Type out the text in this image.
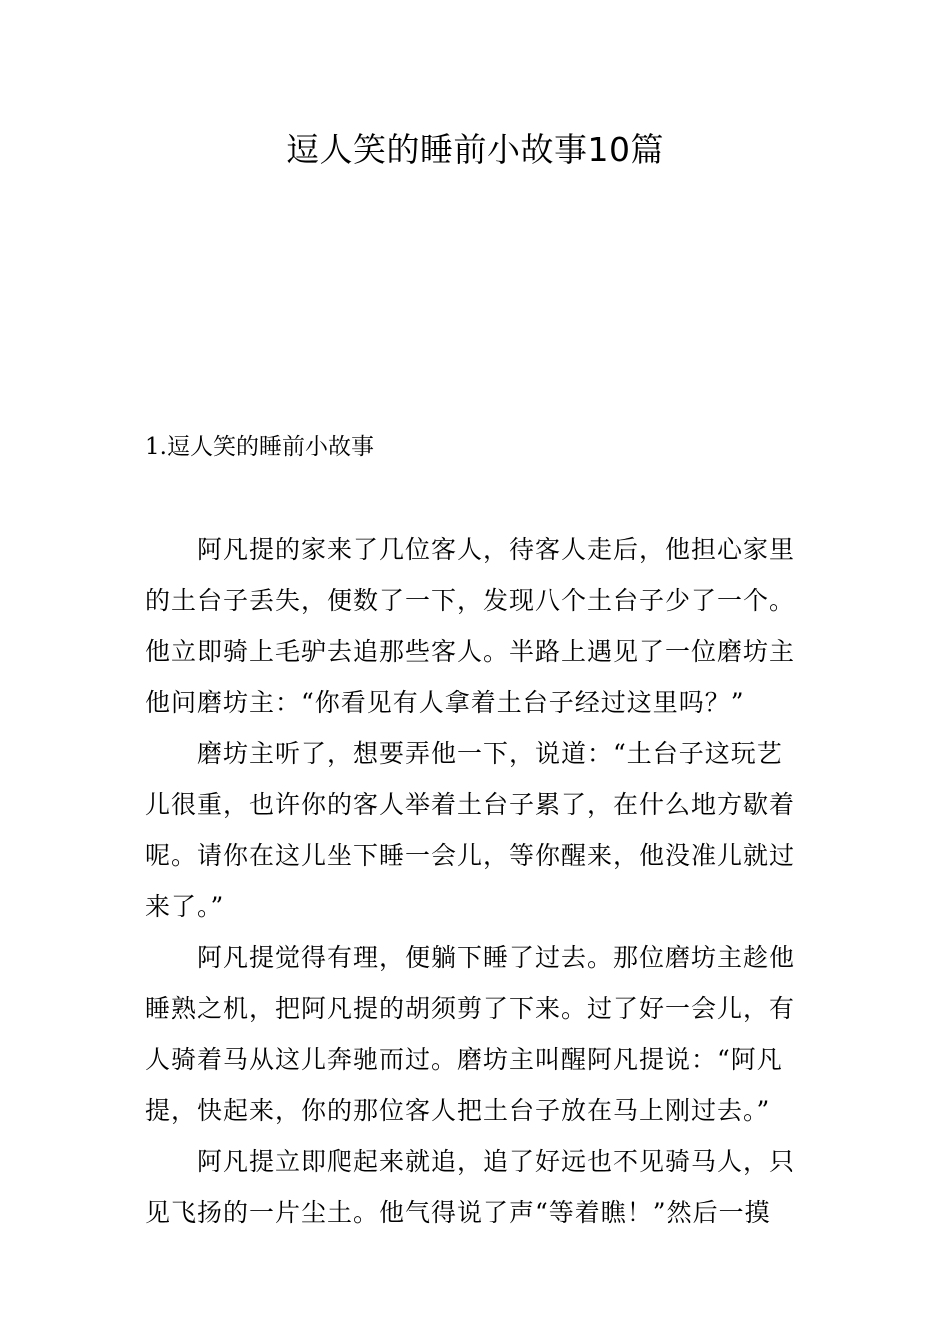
逗人笑的睡前小故事10篇
1.逗人笑的睡前小故事
阿凡提的家来了几位客人，待客人走后，他担心家里
的土台子丢失，便数了一下，发现八个土台子少了一个。
他立即骑上毛驴去追那些客人。半路上遇见了一位磨坊主
他问磨坊主：“你看见有人拿着土台子经过这里吗？”
磨坊主听了，想要弄他一下，说道：“土台子这玩艺
儿很重，也许你的客人举着土台子累了，在什么地方歇着
呢。请你在这儿坐下睡一会儿，等你醒来，他没准儿就过
来了。”
阿凡提觉得有理，便躺下睡了过去。那位磨坊主趁他
睡熟之机，把阿凡提的胡须剪了下来。过了好一会儿，有
人骑着马从这儿奔驰而过。磨坊主叫醒阿凡提说：“阿凡
提，快起来，你的那位客人把土台子放在马上刚过去。”
阿凡提立即爬起来就追，追了好远也不见骑马人，只
见飞扬的一片尘土。他气得说了声“等着瞧！”然后一摸
